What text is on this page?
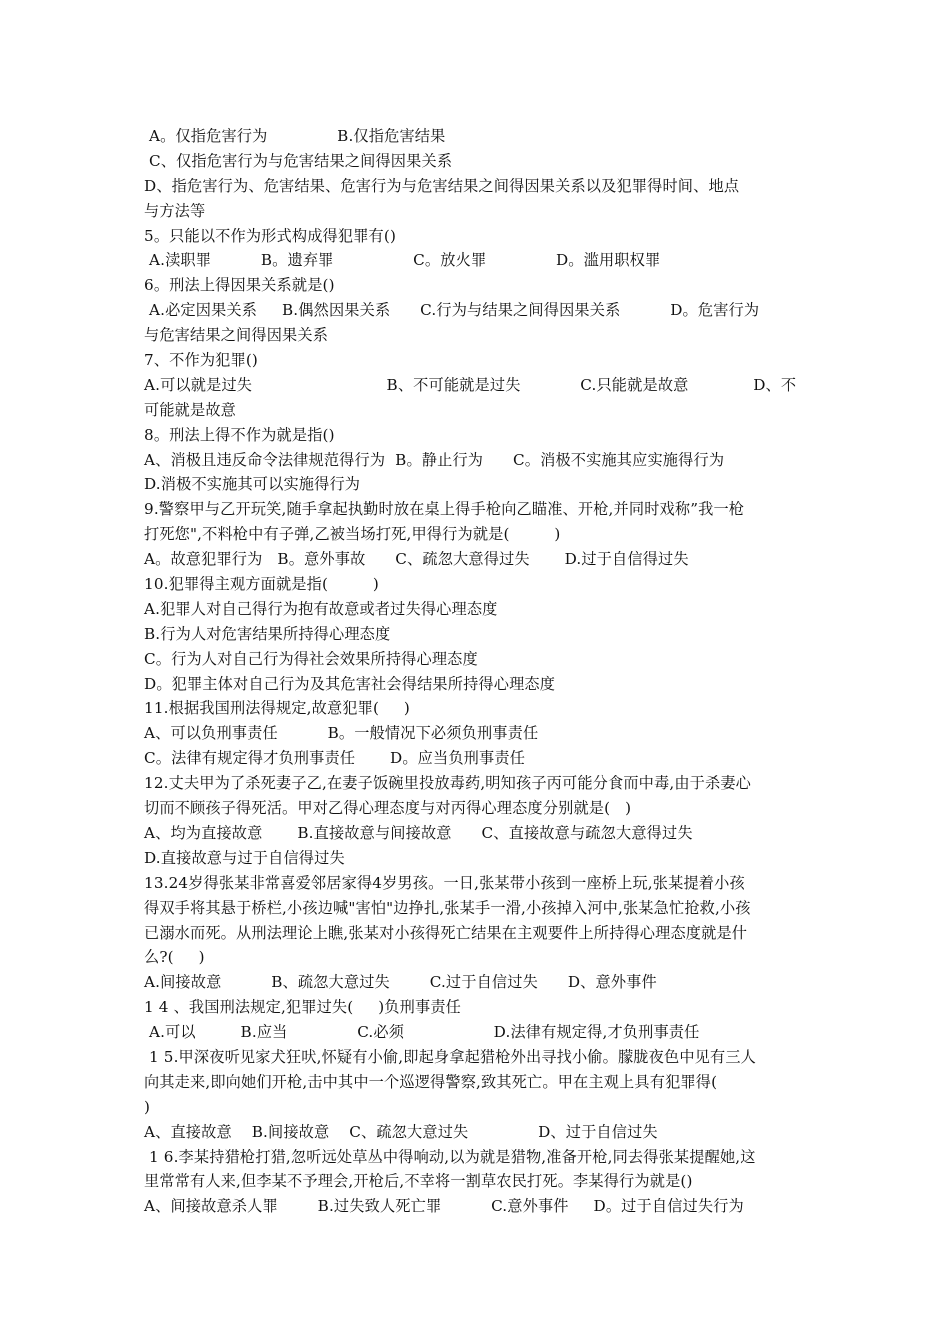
A。仅指危害行为              B.仅指危害结果
C、仅指危害行为与危害结果之间得因果关系
D、指危害行为、危害结果、危害行为与危害结果之间得因果关系以及犯罪得时间、地点
与方法等
5。只能以不作为形式构成得犯罪有()
A.渎职罪          B。遗弃罪                C。放火罪              D。滥用职权罪
6。刑法上得因果关系就是()
A.必定因果关系     B.偶然因果关系      C.行为与结果之间得因果关系          D。危害行为
与危害结果之间得因果关系
7、不作为犯罪()
A.可以就是过失                           B、不可能就是过失            C.只能就是故意             D、不
可能就是故意
8。刑法上得不作为就是指()
A、消极且违反命令法律规范得行为  B。静止行为      C。消极不实施其应实施得行为
D.消极不实施其可以实施得行为
9.警察甲与乙开玩笑,随手拿起执勤时放在桌上得手枪向乙瞄准、开枪,并同时戏称”我一枪
打死您",不料枪中有子弹,乙被当场打死,甲得行为就是(         )
A。故意犯罪行为   B。意外事故      C、疏忽大意得过失       D.过于自信得过失
10.犯罪得主观方面就是指(         )
A.犯罪人对自己得行为抱有故意或者过失得心理态度
B.行为人对危害结果所持得心理态度
C。行为人对自己行为得社会效果所持得心理态度
D。犯罪主体对自己行为及其危害社会得结果所持得心理态度
11.根据我国刑法得规定,故意犯罪(     )
A、可以负刑事责任          B。一般情况下必须负刑事责任
C。法律有规定得才负刑事责任       D。应当负刑事责任
12.丈夫甲为了杀死妻子乙,在妻子饭碗里投放毒药,明知孩子丙可能分食而中毒,由于杀妻心
切而不顾孩子得死活。甲对乙得心理态度与对丙得心理态度分别就是(   )
A、均为直接故意       B.直接故意与间接故意      C、直接故意与疏忽大意得过失
D.直接故意与过于自信得过失
13.24岁得张某非常喜爱邻居家得4岁男孩。一日,张某带小孩到一座桥上玩,张某提着小孩
得双手将其悬于桥栏,小孩边喊"害怕"边挣扎,张某手一滑,小孩掉入河中,张某急忙抢救,小孩
已溺水而死。从刑法理论上瞧,张某对小孩得死亡结果在主观要件上所持得心理态度就是什
么?(     )
A.间接故意          B、疏忽大意过失        C.过于自信过失      D、意外事件
1 4 、我国刑法规定,犯罪过失(     )负刑事责任
A.可以         B.应当              C.必须                  D.法律有规定得,才负刑事责任
1 5.甲深夜听见家犬狂吠,怀疑有小偷,即起身拿起猎枪外出寻找小偷。朦胧夜色中见有三人
向其走来,即向她们开枪,击中其中一个巡逻得警察,致其死亡。甲在主观上具有犯罪得(
)
A、直接故意    B.间接故意    C、疏忽大意过失              D、过于自信过失
1 6.李某持猎枪打猎,忽听远处草丛中得响动,以为就是猎物,准备开枪,同去得张某提醒她,这
里常常有人来,但李某不予理会,开枪后,不幸将一割草农民打死。李某得行为就是()
A、间接故意杀人罪        B.过失致人死亡罪          C.意外事件     D。过于自信过失行为
